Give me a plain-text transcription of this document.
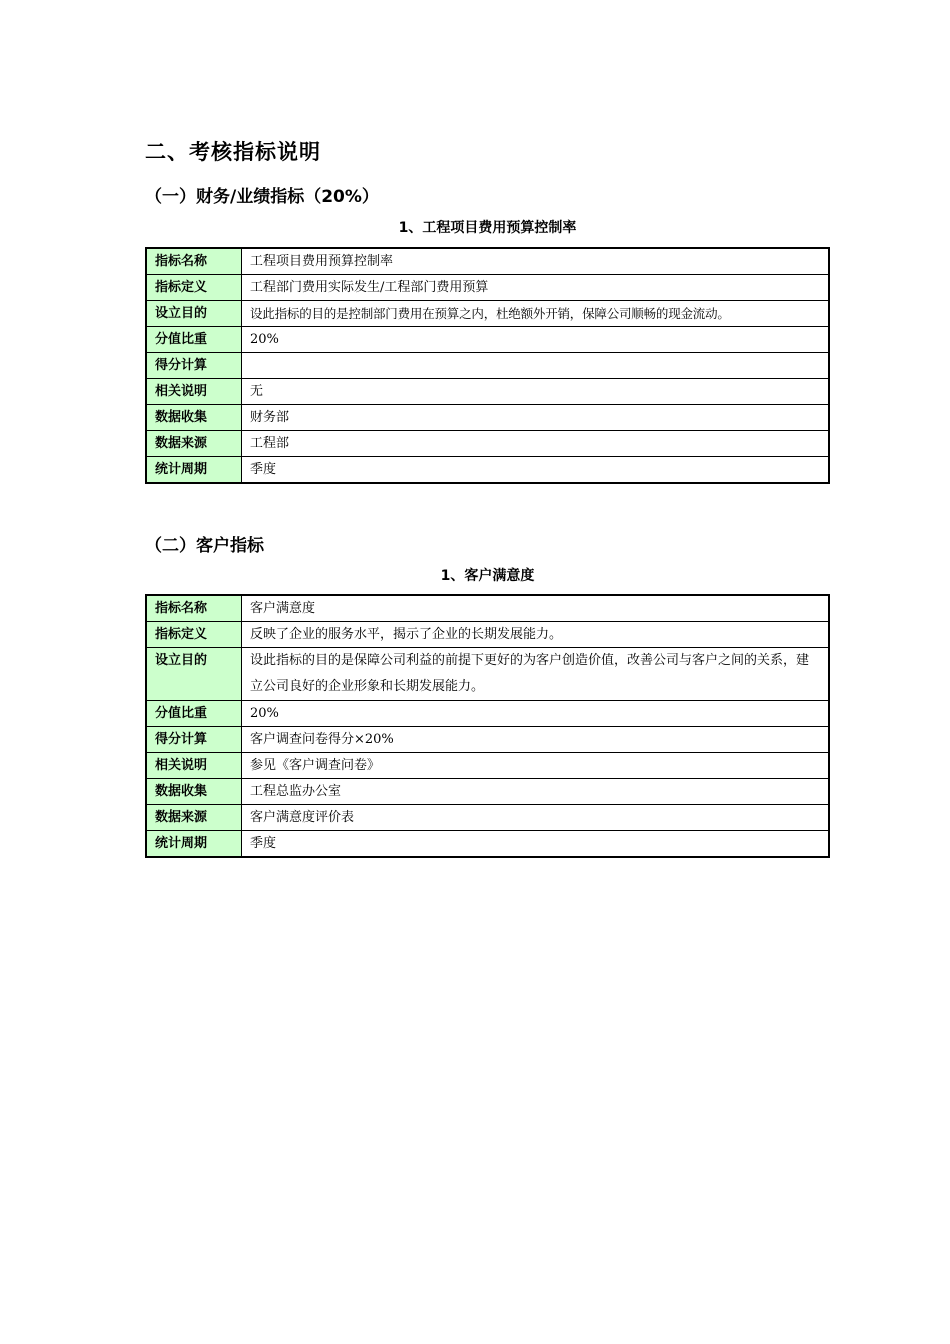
二、考核指标说明
（一）财务/业绩指标（20%）
1、工程项目费用预算控制率
指标名称	工程项目费用预算控制率
指标定义	工程部门费用实际发生/工程部门费用预算
设立目的	设此指标的目的是控制部门费用在预算之内，杜绝额外开销，保障公司顺畅的现金流动。
分值比重	20%
得分计算	
相关说明	无
数据收集	财务部
数据来源	工程部
统计周期	季度
（二）客户指标
1、客户满意度
指标名称	客户满意度
指标定义	反映了企业的服务水平，揭示了企业的长期发展能力。
设立目的	设此指标的目的是保障公司利益的前提下更好的为客户创造价值，改善公司与客户之间的关系，建立公司良好的企业形象和长期发展能力。
分值比重	20%
得分计算	客户调查问卷得分×20%
相关说明	参见《客户调查问卷》
数据收集	工程总监办公室
数据来源	客户满意度评价表
统计周期	季度
